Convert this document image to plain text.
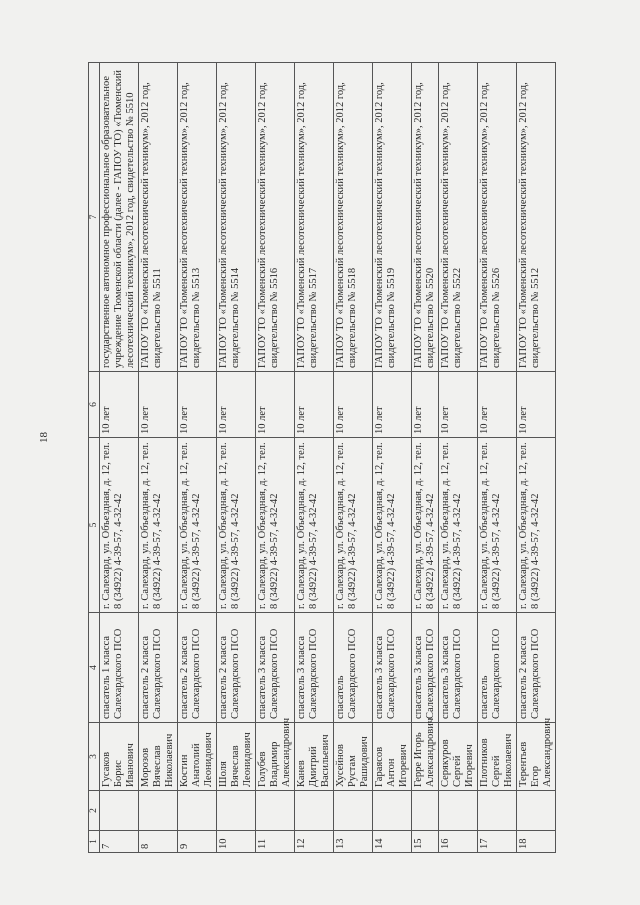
18
1	2	3	4	5	6	7
7		Гусаков Борис Иванович	спасатель 1 класса Салехардского ПСО	г. Салехард, ул. Объездная, д. 12, тел. 8 (34922) 4-39-57, 4-32-42	10 лет	государственное автономное профессиональное образовательное учреждение Тюменской области (далее - ГАПОУ ТО) «Тюменский лесотехнический техникум», 2012 год, свидетельство № 5510
8		Морозов Вячеслав Николаевич	спасатель 2 класса Салехардского ПСО	г. Салехард, ул. Объездная, д. 12, тел. 8 (34922) 4-39-57, 4-32-42	10 лет	ГАПОУ ТО «Тюменский лесотехнический техникум», 2012 год, свидетельство № 5511
9		Костин Анатолий Леонидович	спасатель 2 класса Салехардского ПСО	г. Салехард, ул. Объездная, д. 12, тел. 8 (34922) 4-39-57, 4-32-42	10 лет	ГАПОУ ТО «Тюменский лесотехнический техникум», 2012 год, свидетельство № 5513
10		Шоля Вячеслав Леонидович	спасатель 2 класса Салехардского ПСО	г. Салехард, ул. Объездная, д. 12, тел. 8 (34922) 4-39-57, 4-32-42	10 лет	ГАПОУ ТО «Тюменский лесотехнический техникум», 2012 год, свидетельство № 5514
11		Голубев Владимир Александрович	спасатель 3 класса Салехардского ПСО	г. Салехард, ул. Объездная, д. 12, тел. 8 (34922) 4-39-57, 4-32-42	10 лет	ГАПОУ ТО «Тюменский лесотехнический техникум», 2012 год, свидетельство № 5516
12		Канев Дмитрий Васильевич	спасатель 3 класса Салехардского ПСО	г. Салехард, ул. Объездная, д. 12, тел. 8 (34922) 4-39-57, 4-32-42	10 лет	ГАПОУ ТО «Тюменский лесотехнический техникум», 2012 год, свидетельство № 5517
13		Хусейнов Рустам Рашидович	спасатель Салехардского ПСО	г. Салехард, ул. Объездная, д. 12, тел. 8 (34922) 4-39-57, 4-32-42	10 лет	ГАПОУ ТО «Тюменский лесотехнический техникум», 2012 год, свидетельство № 5518
14		Гараясов Антон Игоревич	спасатель 3 класса Салехардского ПСО	г. Салехард, ул. Объездная, д. 12, тел. 8 (34922) 4-39-57, 4-32-42	10 лет	ГАПОУ ТО «Тюменский лесотехнический техникум», 2012 год, свидетельство № 5519
15		Герре Игорь Александрович	спасатель 3 класса Салехардского ПСО	г. Салехард, ул. Объездная, д. 12, тел. 8 (34922) 4-39-57, 4-32-42	10 лет	ГАПОУ ТО «Тюменский лесотехнический техникум», 2012 год, свидетельство № 5520
16		Серякуров Сергей Игоревич	спасатель 3 класса Салехардского ПСО	г. Салехард, ул. Объездная, д. 12, тел. 8 (34922) 4-39-57, 4-32-42	10 лет	ГАПОУ ТО «Тюменский лесотехнический техникум», 2012 год, свидетельство № 5522
17		Плотников Сергей Николаевич	спасатель Салехардского ПСО	г. Салехард, ул. Объездная, д. 12, тел. 8 (34922) 4-39-57, 4-32-42	10 лет	ГАПОУ ТО «Тюменский лесотехнический техникум», 2012 год, свидетельство № 5526
18		Терентьев Егор Александрович	спасатель 2 класса Салехардского ПСО	г. Салехард, ул. Объездная, д. 12, тел. 8 (34922) 4-39-57, 4-32-42	10 лет	ГАПОУ ТО «Тюменский лесотехнический техникум», 2012 год, свидетельство № 5512
